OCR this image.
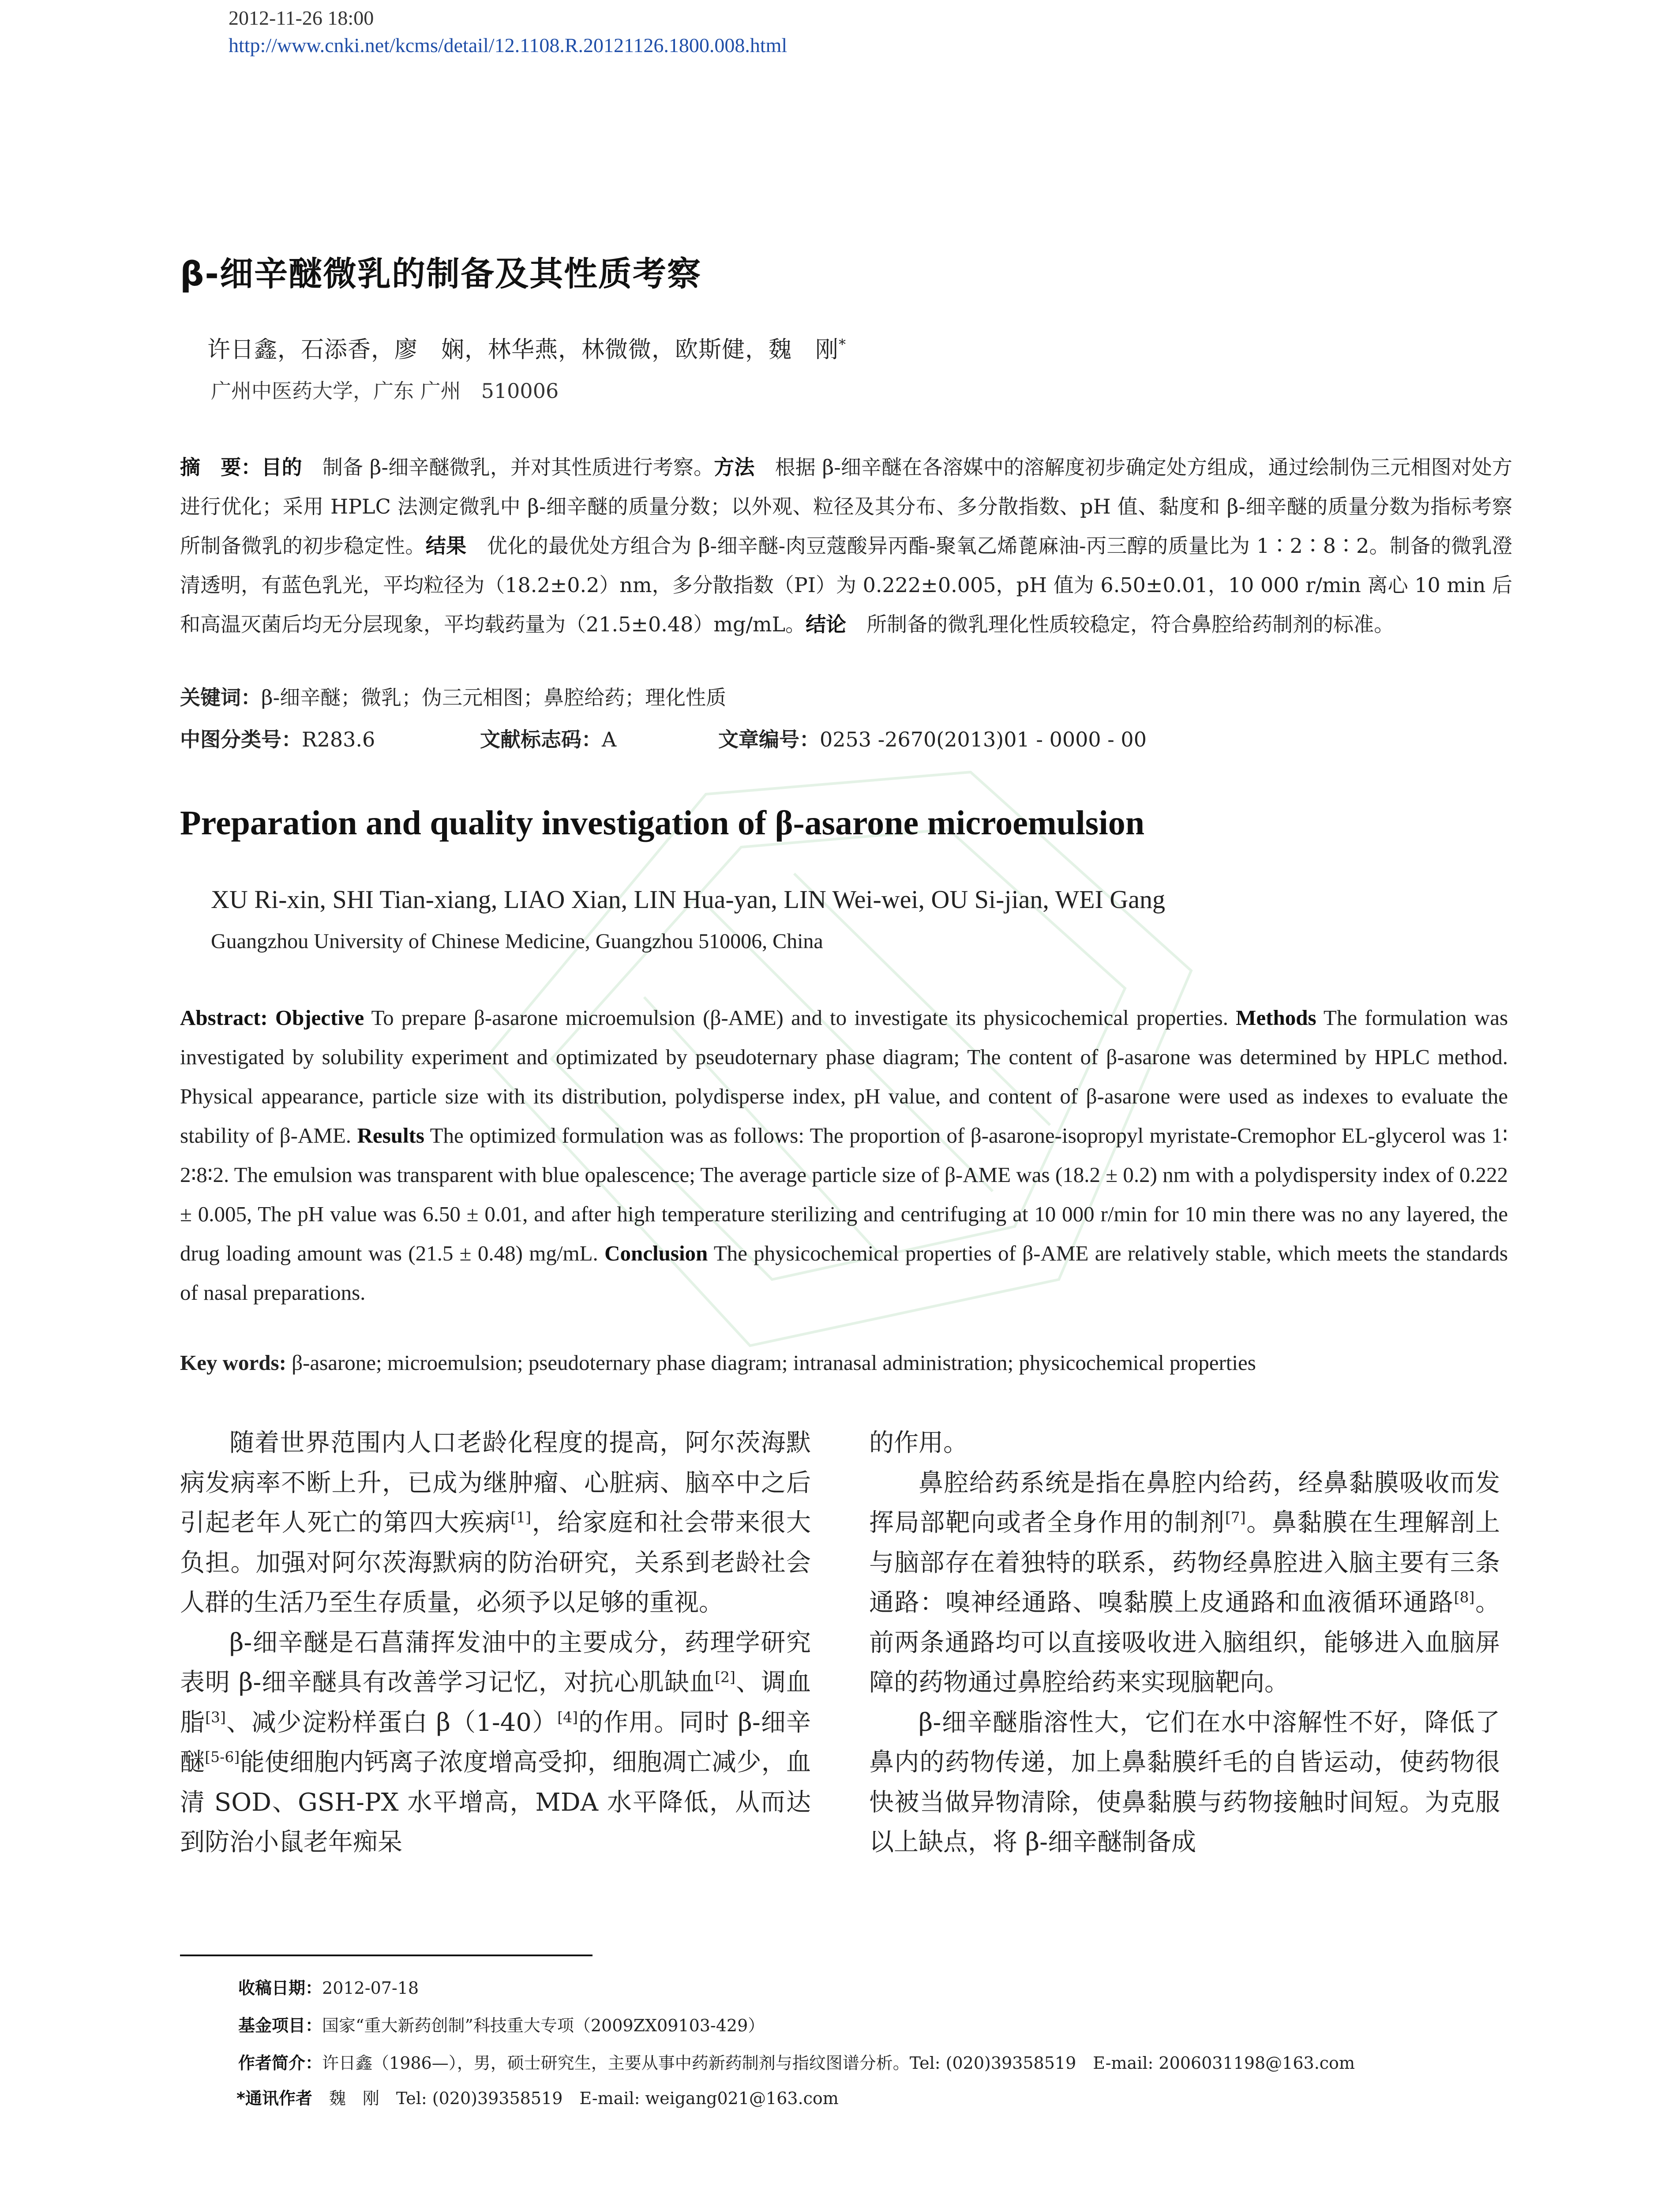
2012-11-26 18:00
http://www.cnki.net/kcms/detail/12.1108.R.20121126.1800.008.html
β-细辛醚微乳的制备及其性质考察
许日鑫，石添香，廖　娴，林华燕，林微微，欧斯健，魏　刚*
广州中医药大学，广东 广州　510006
摘　要：目的　制备 β-细辛醚微乳，并对其性质进行考察。方法　根据 β-细辛醚在各溶媒中的溶解度初步确定处方组成，通过绘制伪三元相图对处方进行优化；采用 HPLC 法测定微乳中 β-细辛醚的质量分数；以外观、粒径及其分布、多分散指数、pH 值、黏度和 β-细辛醚的质量分数为指标考察所制备微乳的初步稳定性。结果　优化的最优处方组合为 β-细辛醚-肉豆蔻酸异丙酯-聚氧乙烯蓖麻油-丙三醇的质量比为 1∶2∶8∶2。制备的微乳澄清透明，有蓝色乳光，平均粒径为（18.2±0.2）nm，多分散指数（PI）为 0.222±0.005，pH 值为 6.50±0.01，10 000 r/min 离心 10 min 后和高温灭菌后均无分层现象，平均载药量为（21.5±0.48）mg/mL。结论　所制备的微乳理化性质较稳定，符合鼻腔给药制剂的标准。
关键词：β-细辛醚；微乳；伪三元相图；鼻腔给药；理化性质
中图分类号：R283.6	文献标志码：A	文章编号：0253 -2670(2013)01 - 0000 - 00
Preparation and quality investigation of β-asarone microemulsion
XU Ri-xin, SHI Tian-xiang, LIAO Xian, LIN Hua-yan, LIN Wei-wei, OU Si-jian, WEI Gang
Guangzhou University of Chinese Medicine, Guangzhou 510006, China
Abstract: Objective To prepare β-asarone microemulsion (β-AME) and to investigate its physicochemical properties. Methods The formulation was investigated by solubility experiment and optimizated by pseudoternary phase diagram; The content of β-asarone was determined by HPLC method. Physical appearance, particle size with its distribution, polydisperse index, pH value, and content of β-asarone were used as indexes to evaluate the stability of β-AME. Results The optimized formulation was as follows: The proportion of β-asarone-isopropyl myristate-Cremophor EL-glycerol was 1∶ 2∶8∶2. The emulsion was transparent with blue opalescence; The average particle size of β-AME was (18.2 ± 0.2) nm with a polydispersity index of 0.222 ± 0.005, The pH value was 6.50 ± 0.01, and after high temperature sterilizing and centrifuging at 10 000 r/min for 10 min there was no any layered, the drug loading amount was (21.5 ± 0.48) mg/mL. Conclusion The physicochemical properties of β-AME are relatively stable, which meets the standards of nasal preparations.
Key words: β-asarone; microemulsion; pseudoternary phase diagram; intranasal administration; physicochemical properties

随着世界范围内人口老龄化程度的提高，阿尔茨海默病发病率不断上升，已成为继肿瘤、心脏病、脑卒中之后引起老年人死亡的第四大疾病[1]，给家庭和社会带来很大负担。加强对阿尔茨海默病的防治研究，关系到老龄社会人群的生活乃至生存质量，必须予以足够的重视。

β-细辛醚是石菖蒲挥发油中的主要成分，药理学研究表明 β-细辛醚具有改善学习记忆，对抗心肌缺血[2]、调血脂[3]、减少淀粉样蛋白 β（1-40）[4]的作用。同时 β-细辛醚[5-6]能使细胞内钙离子浓度增高受抑，细胞凋亡减少，血清 SOD、GSH-PX 水平增高，MDA 水平降低，从而达到防治小鼠老年痴呆

的作用。

鼻腔给药系统是指在鼻腔内给药，经鼻黏膜吸收而发挥局部靶向或者全身作用的制剂[7]。鼻黏膜在生理解剖上与脑部存在着独特的联系，药物经鼻腔进入脑主要有三条通路：嗅神经通路、嗅黏膜上皮通路和血液循环通路[8]。前两条通路均可以直接吸收进入脑组织，能够进入血脑屏障的药物通过鼻腔给药来实现脑靶向。

β-细辛醚脂溶性大，它们在水中溶解性不好，降低了鼻内的药物传递，加上鼻黏膜纤毛的自皆运动，使药物很快被当做异物清除，使鼻黏膜与药物接触时间短。为克服以上缺点，将 β-细辛醚制备成

收稿日期：2012-07-18
基金项目：国家“重大新药创制”科技重大专项（2009ZX09103-429）
作者简介：许日鑫（1986—），男，硕士研究生，主要从事中药新药制剂与指纹图谱分析。Tel: (020)39358519　E-mail: 2006031198@163.com
*通讯作者　魏　刚　Tel: (020)39358519　E-mail: weigang021@163.com
